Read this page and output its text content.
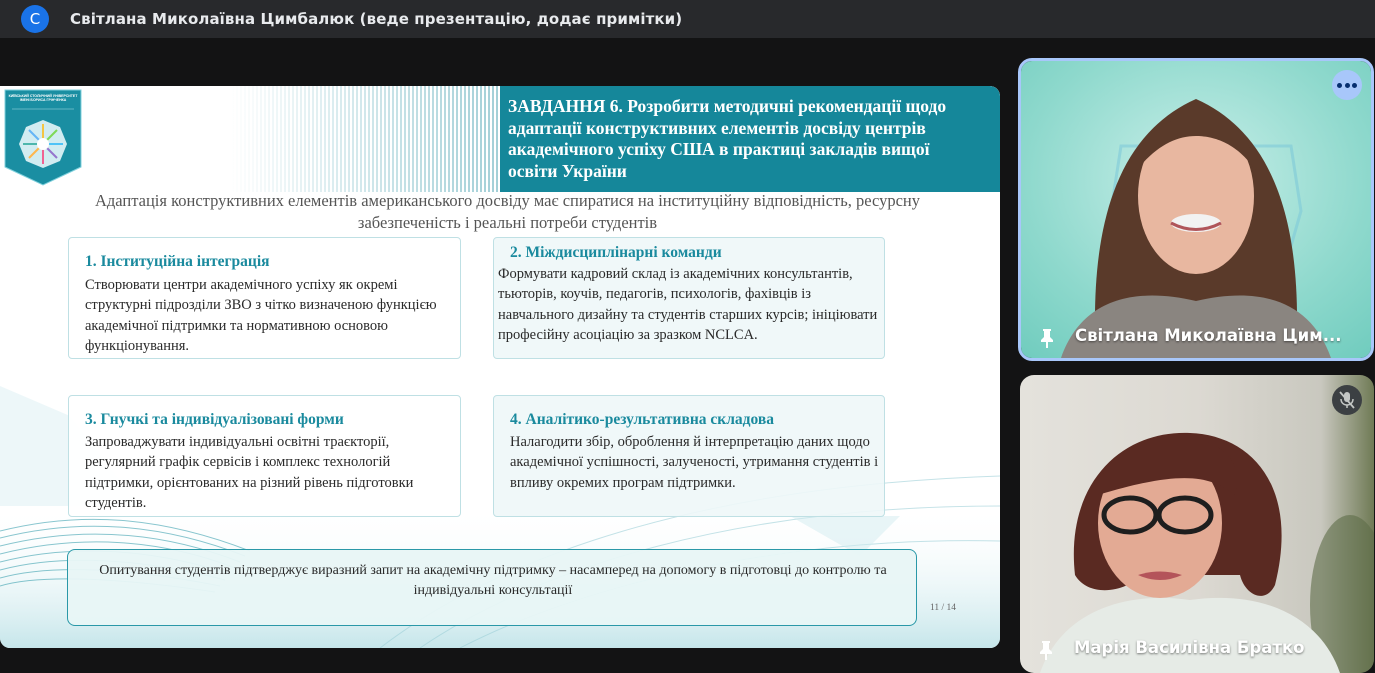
С	Світлана Миколаївна Цимбалюк (веде презентацію, додає примітки)
КИЇВСЬКИЙ СТОЛИЧНИЙ УНІВЕРСИТЕТ ІМЕНІ БОРИСА ГРІНЧЕНКА	ЗАВДАННЯ 6. Розробити методичні рекомендації щодо адаптації конструктивних елементів досвіду центрів академічного успіху США в практиці закладів вищої освіти України
Адаптація конструктивних елементів американського досвіду має спиратися на інституційну відповідність, ресурсну забезпеченість і реальні потреби студентів
1. Інституційна інтеграція
Створювати центри академічного успіху як окремі структурні підрозділи ЗВО з чітко визначеною функцією академічної підтримки та нормативною основою функціонування.
2. Міждисциплінарні команди
Формувати кадровий склад із академічних консультантів, тьюторів, коучів, педагогів, психологів, фахівців із навчального дизайну та студентів старших курсів; ініціювати професійну асоціацію за зразком NCLCA.
3. Гнучкі та індивідуалізовані форми
Запроваджувати індивідуальні освітні траєкторії, регулярний графік сервісів і комплекс технологій підтримки, орієнтованих на різний рівень підготовки студентів.
4. Аналітико-результативна складова
Налагодити збір, оброблення й інтерпретацію даних щодо академічної успішності, залученості, утримання студентів і впливу окремих програм підтримки.
Опитування студентів підтверджує виразний запит на академічну підтримку – насамперед на допомогу в підготовці до контролю та індивідуальні консультації
11 / 14
Світлана Миколаївна Цим...
Марія Василівна Братко
